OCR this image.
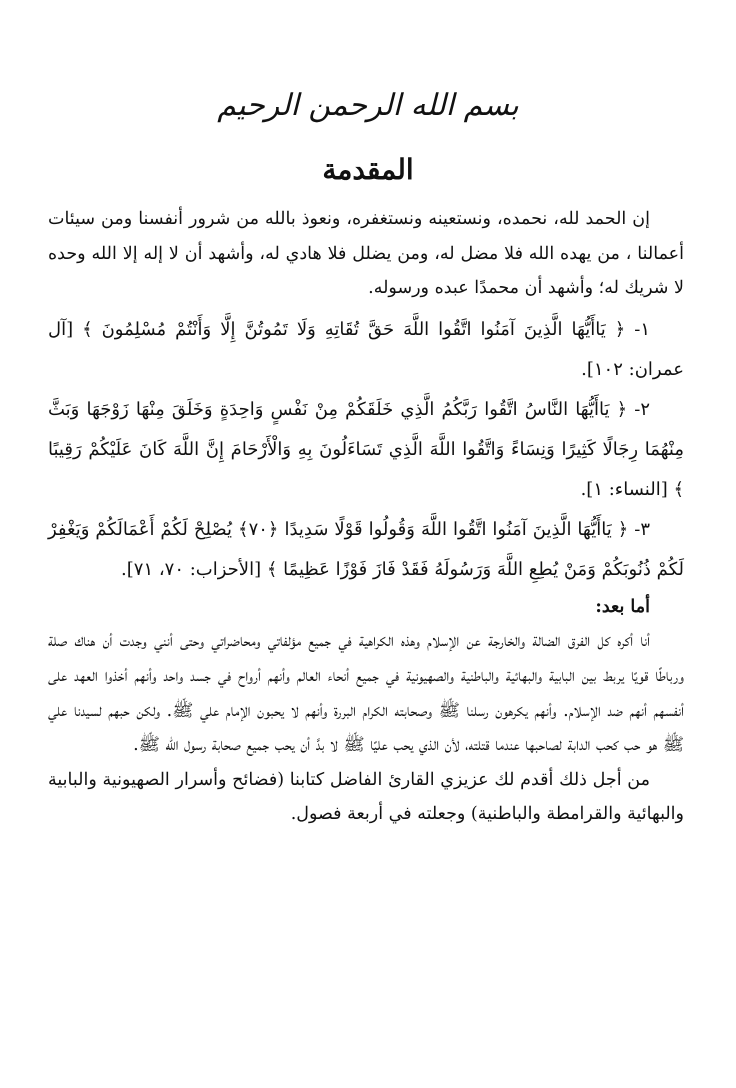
بسم الله الرحمن الرحيم
المقدمة

إن الحمد لله، نحمده، ونستعينه ونستغفره، ونعوذ بالله من شرور أنفسنا ومن سيئات أعمالنا ، من يهده الله فلا مضل له، ومن يضلل فلا هادي له، وأشهد أن لا إله إلا الله وحده لا شريك له؛ وأشهد أن محمدًا عبده ورسوله.

١- ﴿ يَاأَيُّهَا الَّذِينَ آمَنُوا اتَّقُوا اللَّهَ حَقَّ تُقَاتِهِ وَلَا تَمُوتُنَّ إِلَّا وَأَنْتُمْ مُسْلِمُونَ ﴾ [آل عمران: ١٠٢].

٢- ﴿ يَاأَيُّهَا النَّاسُ اتَّقُوا رَبَّكُمُ الَّذِي خَلَقَكُمْ مِنْ نَفْسٍ وَاحِدَةٍ وَخَلَقَ مِنْهَا زَوْجَهَا وَبَثَّ مِنْهُمَا رِجَالًا كَثِيرًا وَنِسَاءً وَاتَّقُوا اللَّهَ الَّذِي تَسَاءَلُونَ بِهِ وَالْأَرْحَامَ إِنَّ اللَّهَ كَانَ عَلَيْكُمْ رَقِيبًا ﴾ [النساء: ١].

٣- ﴿ يَاأَيُّهَا الَّذِينَ آمَنُوا اتَّقُوا اللَّهَ وَقُولُوا قَوْلًا سَدِيدًا ﴿٧٠﴾ يُصْلِحْ لَكُمْ أَعْمَالَكُمْ وَيَغْفِرْ لَكُمْ ذُنُوبَكُمْ وَمَنْ يُطِعِ اللَّهَ وَرَسُولَهُ فَقَدْ فَازَ فَوْزًا عَظِيمًا ﴾ [الأحزاب: ٧٠، ٧١].

أما بعد:

أنا أكره كل الفرق الضالة والخارجة عن الإسلام وهذه الكراهية في جميع مؤلفاتي ومحاضراتي وحتى أنني وجدت أن هناك صلة ورباطًا قويًا يربط بين البابية والبهائية والباطنية والصهيونية في جميع أنحاء العالم وأنهم أرواح في جسد واحد وأنهم أخذوا العهد على أنفسهم أنهم ضد الإسلام. وأنهم يكرهون رسلنا ﷺ وصحابته الكرام البررة وأنهم لا يحبون الإمام علي ﷺ. ولكن حبهم لسيدنا علي ﷺ هو حب كحب الدابة لصاحبها عندما قتلته، لأن الذي يحب عليًا ﷺ لا بدَّ أن يحب جميع صحابة رسول الله ﷺ.

من أجل ذلك أقدم لك عزيزي القارئ الفاضل كتابنا (فضائح وأسرار الصهيونية والبابية والبهائية والقرامطة والباطنية) وجعلته في أربعة فصول.
